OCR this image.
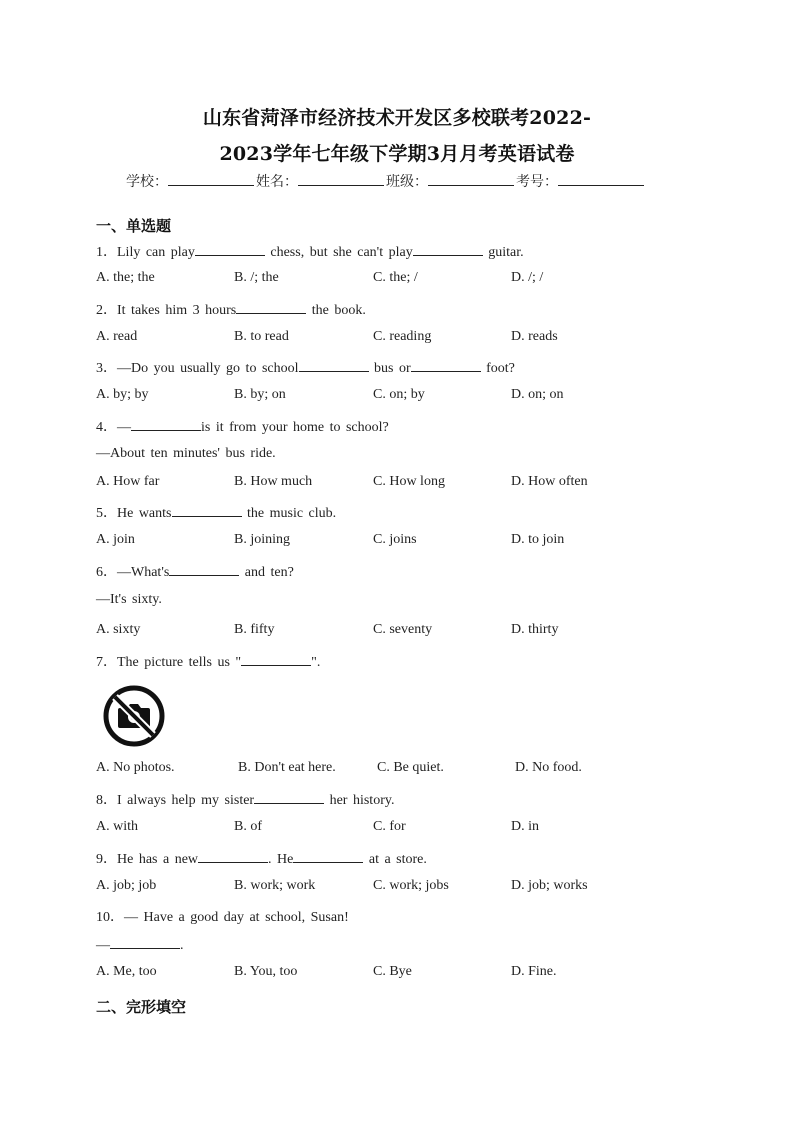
山东省菏泽市经济技术开发区多校联考2022-
2023学年七年级下学期3月月考英语试卷
学校：	姓名：	班级：	考号：
一、单选题
1．Lily can play	chess, but she can't play	guitar.
A. the; the	B. /; the	C. the; /	D. /; /
2．It takes him 3 hours	the book.
A. read	B. to read	C. reading	D. reads
3．—Do you usually go to school	bus or	foot?
A. by; by	B. by; on	C. on; by	D. on; on
4．—	is it from your home to school?
—About ten minutes' bus ride.
A. How far	B. How much	C. How long	D. How often
5．He wants	the music club.
A. join	B. joining	C. joins	D. to join
6．—What's	and ten?
—It's sixty.
A. sixty	B. fifty	C. seventy	D. thirty
7．The picture tells us "	".
A. No photos.	B. Don't eat here.	C. Be quiet.	D. No food.
8．I always help my sister	her history.
A. with	B. of	C. for	D. in
9．He has a new	. He	at a store.
A. job; job	B. work; work	C. work; jobs	D. job; works
10．— Have a good day at school, Susan!
—	.
A. Me, too	B. You, too	C. Bye	D. Fine.
二、完形填空
